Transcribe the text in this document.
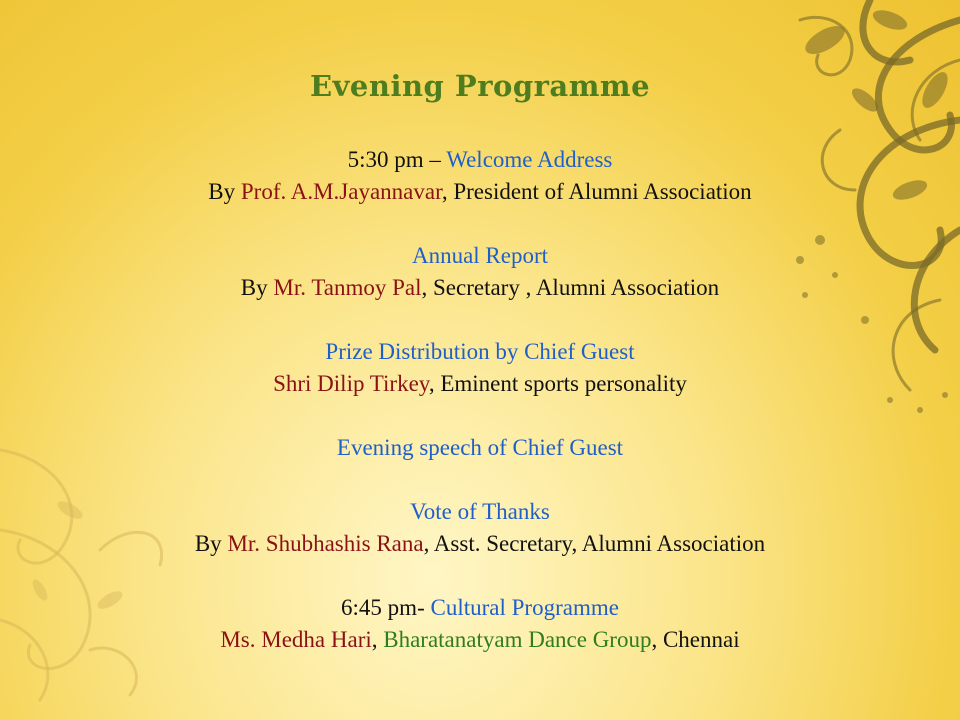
Evening Programme
5:30 pm – Welcome Address
By Prof. A.M.Jayannavar, President of Alumni Association
Annual Report
By Mr. Tanmoy Pal, Secretary , Alumni Association
Prize Distribution by Chief Guest
Shri Dilip Tirkey, Eminent sports personality
Evening speech of Chief Guest
Vote of Thanks
By Mr. Shubhashis Rana, Asst. Secretary, Alumni Association
6:45 pm- Cultural Programme
Ms. Medha Hari, Bharatanatyam Dance Group, Chennai
